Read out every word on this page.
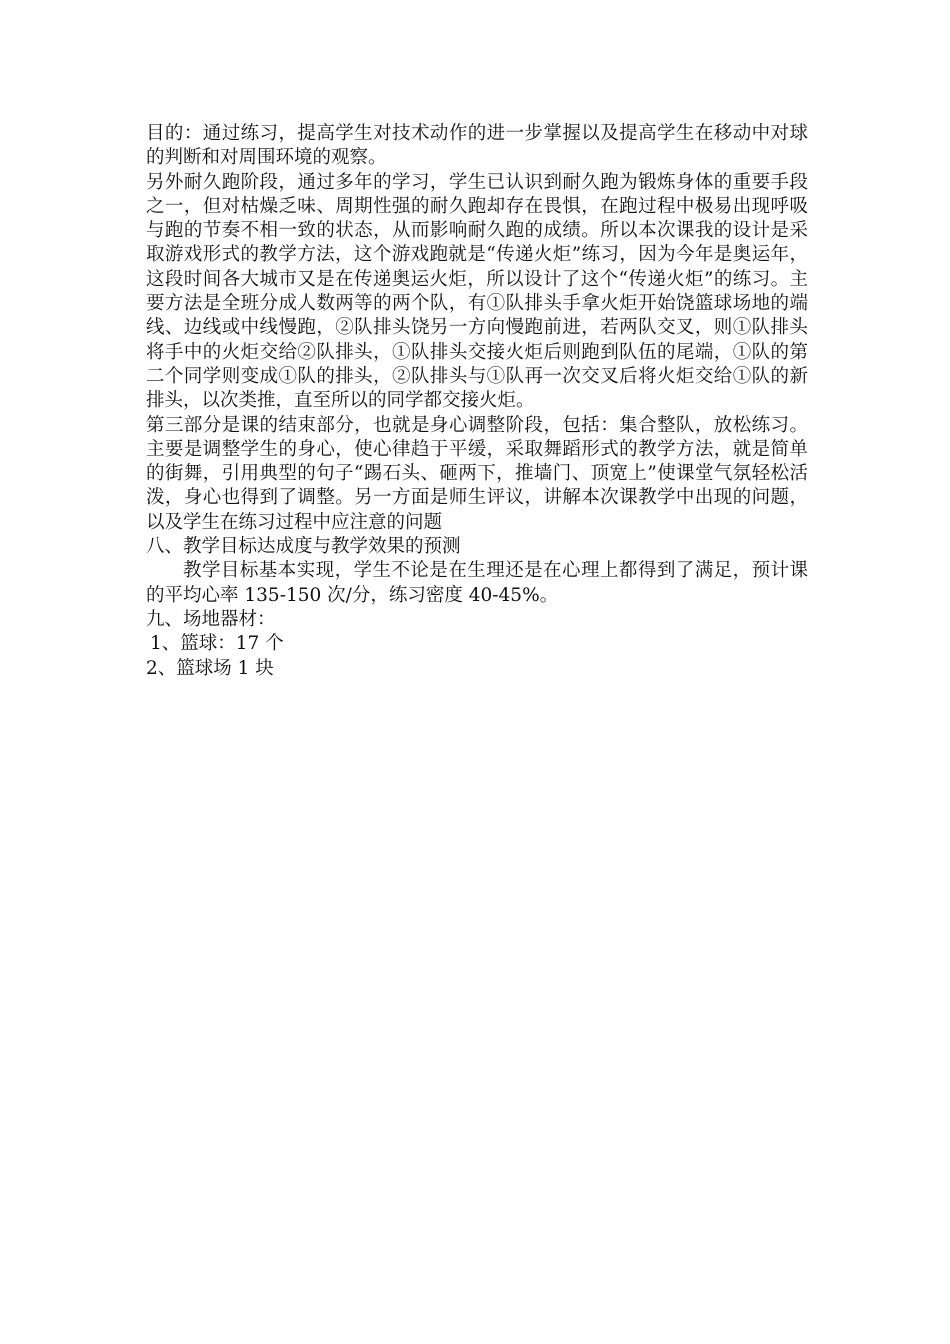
目的：通过练习，提高学生对技术动作的进一步掌握以及提高学生在移动中对球的判断和对周围环境的观察。

另外耐久跑阶段，通过多年的学习，学生已认识到耐久跑为锻炼身体的重要手段之一，但对枯燥乏味、周期性强的耐久跑却存在畏惧，在跑过程中极易出现呼吸与跑的节奏不相一致的状态，从而影响耐久跑的成绩。所以本次课我的设计是采取游戏形式的教学方法，这个游戏跑就是“传递火炬”练习，因为今年是奥运年，这段时间各大城市又是在传递奥运火炬，所以设计了这个“传递火炬”的练习。主要方法是全班分成人数两等的两个队，有①队排头手拿火炬开始饶篮球场地的端线、边线或中线慢跑，②队排头饶另一方向慢跑前进，若两队交叉，则①队排头将手中的火炬交给②队排头，①队排头交接火炬后则跑到队伍的尾端，①队的第二个同学则变成①队的排头，②队排头与①队再一次交叉后将火炬交给①队的新排头，以次类推，直至所以的同学都交接火炬。

第三部分是课的结束部分，也就是身心调整阶段，包括：集合整队，放松练习。主要是调整学生的身心，使心律趋于平缓，采取舞蹈形式的教学方法，就是简单的街舞，引用典型的句子“踢石头、砸两下，推墙门、顶宽上”使课堂气氛轻松活泼，身心也得到了调整。另一方面是师生评议，讲解本次课教学中出现的问题，以及学生在练习过程中应注意的问题

八、教学目标达成度与教学效果的预测

教学目标基本实现，学生不论是在生理还是在心理上都得到了满足，预计课的平均心率 135-150 次/分，练习密度 40-45%。

九、场地器材：

1、篮球：17 个

2、篮球场 1 块
